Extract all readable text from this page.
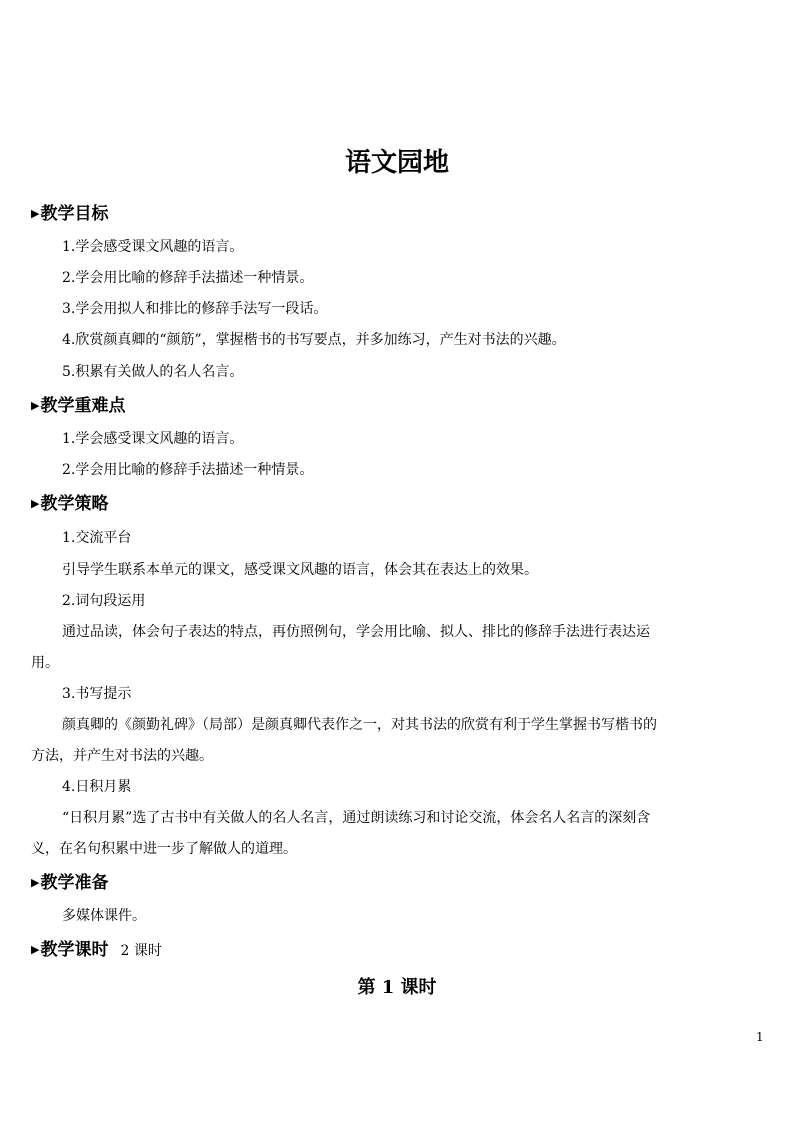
语文园地
▶教学目标
1.学会感受课文风趣的语言。
2.学会用比喻的修辞手法描述一种情景。
3.学会用拟人和排比的修辞手法写一段话。
4.欣赏颜真卿的“颜筋”，掌握楷书的书写要点，并多加练习，产生对书法的兴趣。
5.积累有关做人的名人名言。
▶教学重难点
1.学会感受课文风趣的语言。
2.学会用比喻的修辞手法描述一种情景。
▶教学策略
1.交流平台
引导学生联系本单元的课文，感受课文风趣的语言，体会其在表达上的效果。
2.词句段运用
通过品读，体会句子表达的特点，再仿照例句，学会用比喻、拟人、排比的修辞手法进行表达运
用。
3.书写提示
颜真卿的《颜勤礼碑》（局部）是颜真卿代表作之一，对其书法的欣赏有利于学生掌握书写楷书的
方法，并产生对书法的兴趣。
4.日积月累
“日积月累”选了古书中有关做人的名人名言，通过朗读练习和讨论交流，体会名人名言的深刻含
义，在名句积累中进一步了解做人的道理。
▶教学准备
多媒体课件。
▶教学课时 2 课时
第 1 课时
1
